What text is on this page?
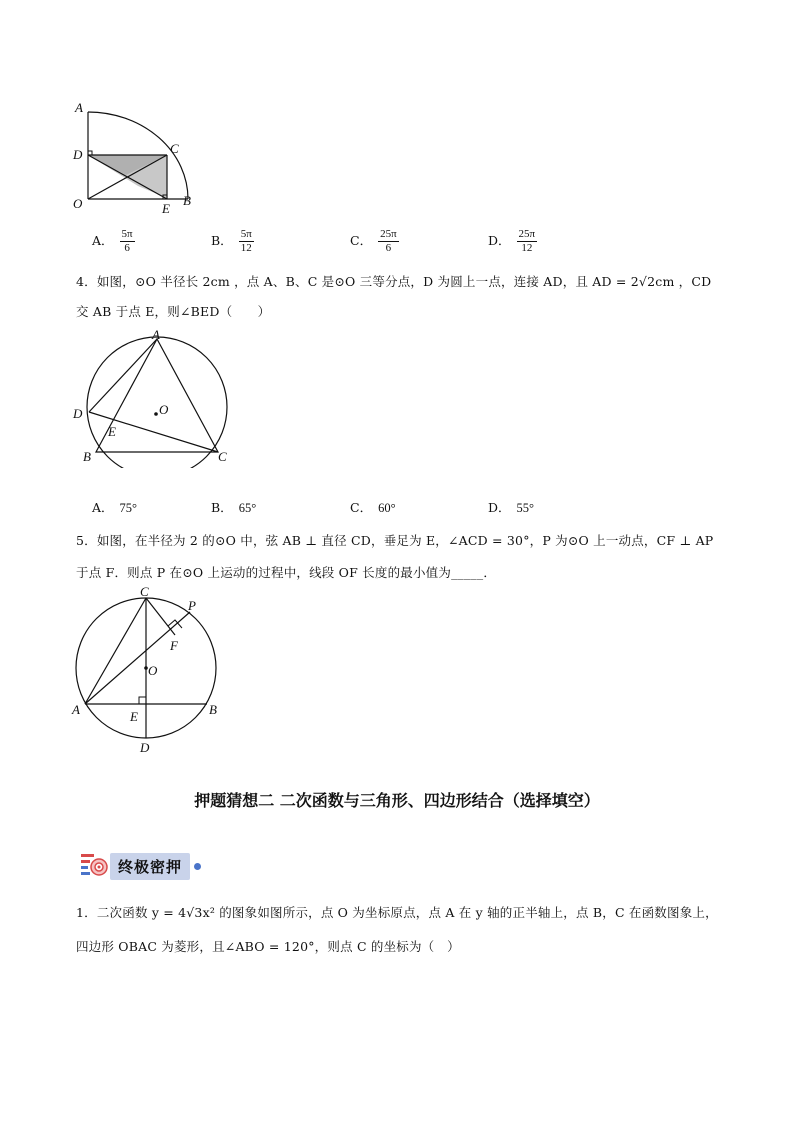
A
D	C
O	E
B
A． $\frac{5\pi}{6}$	B． $\frac{5\pi}{12}$	C． $\frac{25\pi}{6}$	D． $\frac{25\pi}{12}$
4．如图，⊙O 半径长 2cm ，点 A、B、C 是⊙O 三等分点，D 为圆上一点，连接 AD，且 AD = 2√2cm ，CD
交 AB 于点 E，则∠BED（　　）
A
O
D
E
B	C
A． 75°	B． 65°	C． 60°	D． 55°
5．如图，在半径为 2 的⊙O 中，弦 AB ⊥ 直径 CD，垂足为 E，∠ACD = 30°，P 为⊙O 上一动点，CF ⊥ AP
于点 F．则点 P 在⊙O 上运动的过程中，线段 OF 长度的最小值为_____．
C
P
F
O
A	E	B
D
押题猜想二 二次函数与三角形、四边形结合（选择填空）
终极密押
1．二次函数 y = 4√3x² 的图象如图所示，点 O 为坐标原点，点 A 在 y 轴的正半轴上，点 B，C 在函数图象上，
四边形 OBAC 为菱形，且∠ABO = 120°，则点 C 的坐标为（　）
